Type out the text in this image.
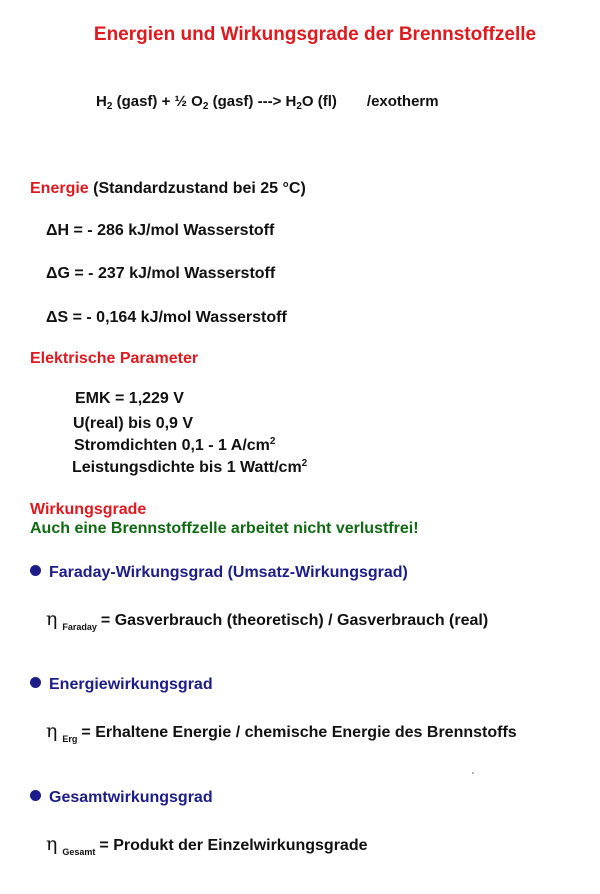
Energien und Wirkungsgrade der Brennstoffzelle
$H_2$ (gasf) + ½ $O_2$ (gasf) ---> $H_2O$ (fl) /exotherm
Energie (Standardzustand bei 25 °C)
ΔH = - 286 kJ/mol Wasserstoff
ΔG = - 237 kJ/mol Wasserstoff
ΔS = - 0,164 kJ/mol Wasserstoff
Elektrische Parameter
EMK = 1,229 V
U(real) bis 0,9 V
Stromdichten 0,1 - 1 $A/cm^2$
Leistungsdichte bis 1 Watt/$cm^2$
Wirkungsgrade
Auch eine Brennstoffzelle arbeitet nicht verlustfrei!
Faraday-Wirkungsgrad (Umsatz-Wirkungsgrad)
η $_{Faraday}$ = Gasverbrauch (theoretisch) / Gasverbrauch (real)
Energiewirkungsgrad
η $_{Erg}$ = Erhaltene Energie / chemische Energie des Brennstoffs
Gesamtwirkungsgrad
η $_{Gesamt}$ = Produkt der Einzelwirkungsgrade
